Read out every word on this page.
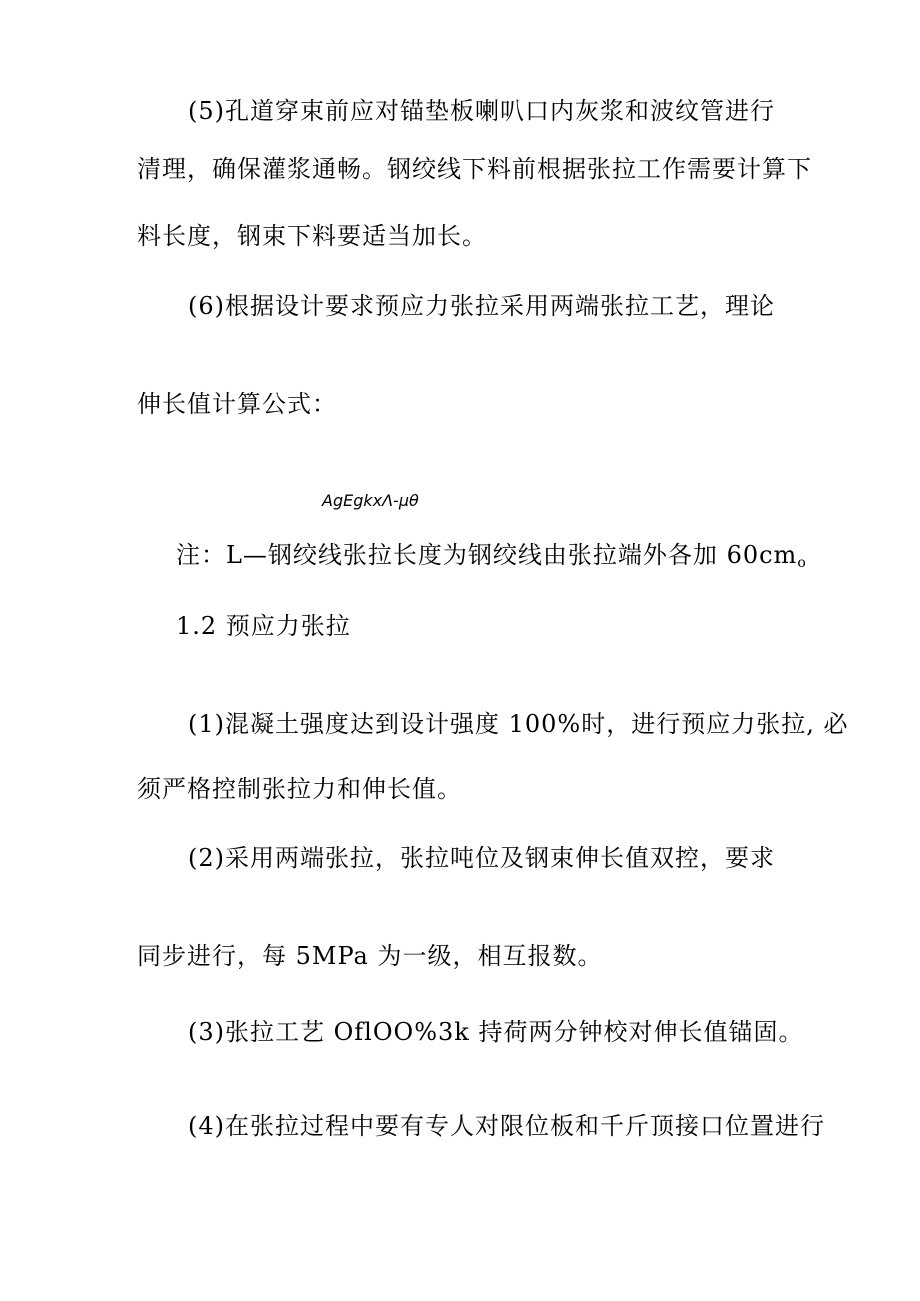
(5)孔道穿束前应对锚垫板喇叭口内灰浆和波纹管进行
清理，确保灌浆通畅。钢绞线下料前根据张拉工作需要计算下
料长度，钢束下料要适当加长。
(6)根据设计要求预应力张拉采用两端张拉工艺，理论
伸长值计算公式：
AgEgkxΛ-μθ
注：L—钢绞线张拉长度为钢绞线由张拉端外各加 $60cm_o$
1.2 预应力张拉
(1)混凝土强度达到设计强度 100%时，进行预应力张拉, 必
须严格控制张拉力和伸长值。
(2)采用两端张拉，张拉吨位及钢束伸长值双控，要求
同步进行，每 5MPa 为一级，相互报数。
(3)张拉工艺 OflOO%3k 持荷两分钟校对伸长值锚固。
(4)在张拉过程中要有专人对限位板和千斤顶接口位置进行
